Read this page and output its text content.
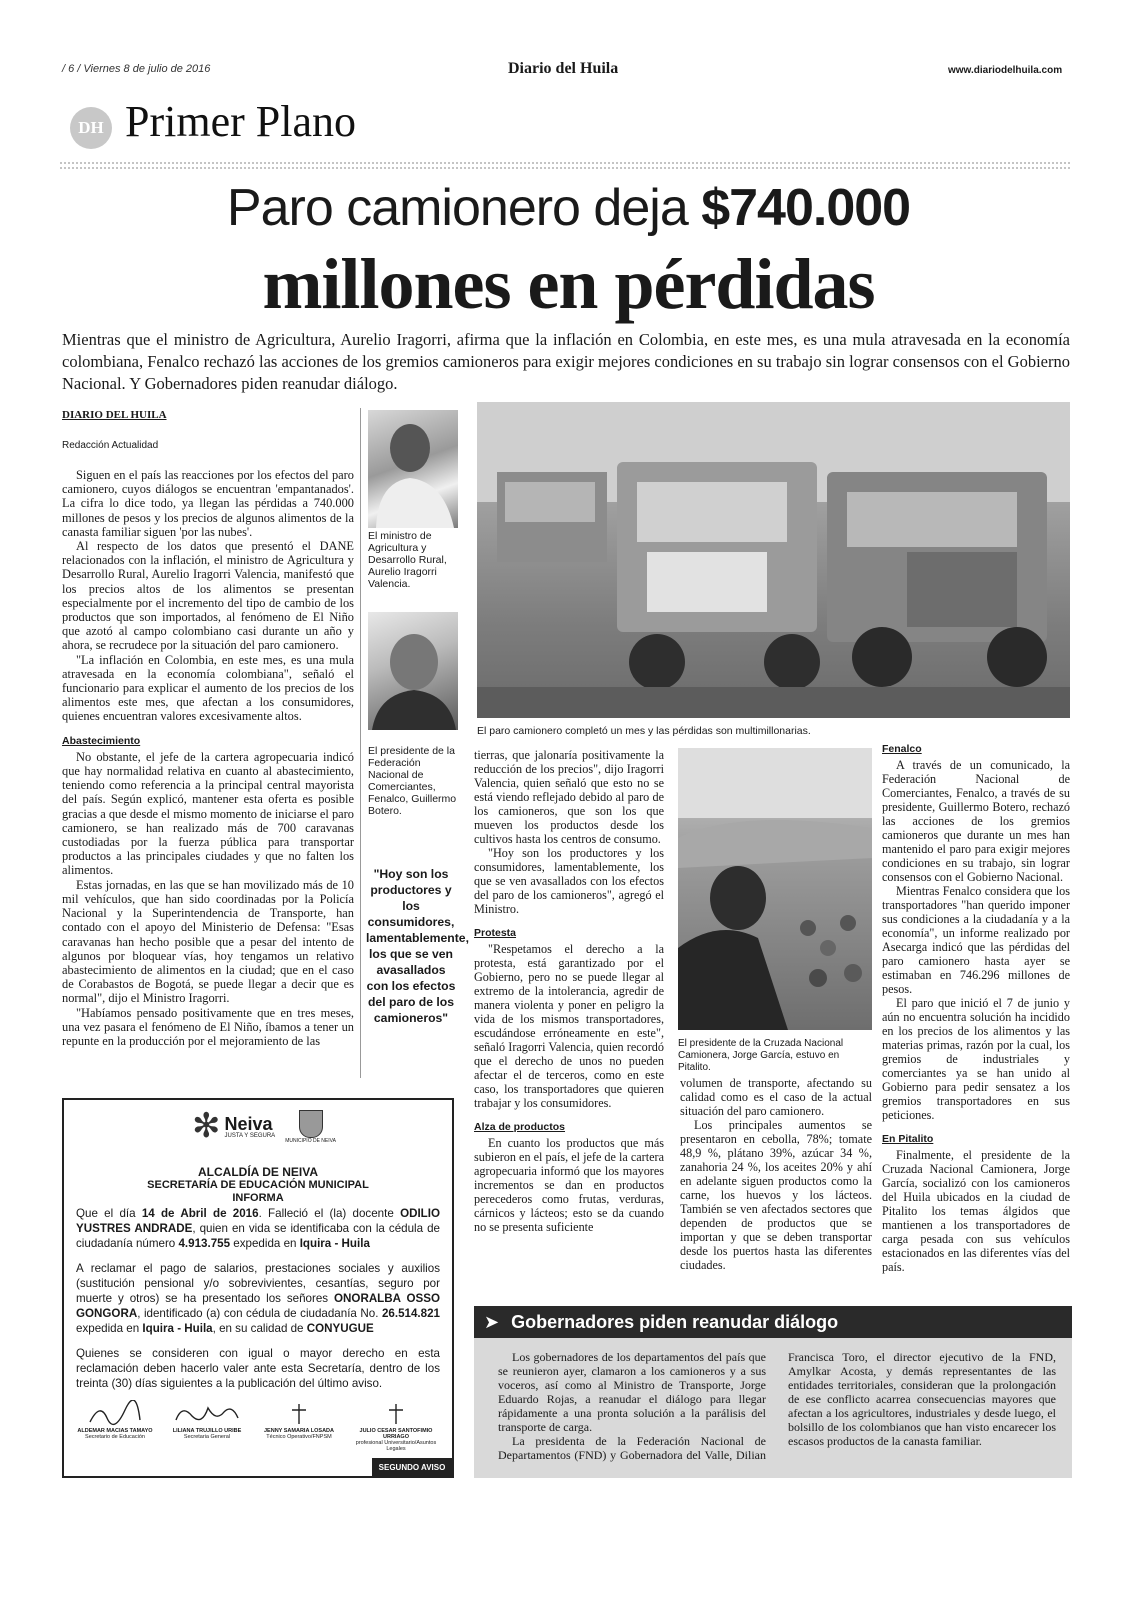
/ 6 / Viernes 8 de julio de 2016	Diario del Huila	www.diariodelhuila.com
DH Primer Plano
Paro camionero deja $740.000
millones en pérdidas
Mientras que el ministro de Agricultura, Aurelio Iragorri, afirma que la inflación en Colombia, en este mes, es una mula atravesada en la economía colombiana, Fenalco rechazó las acciones de los gremios camioneros para exigir mejores condiciones en su trabajo sin lograr consensos con el Gobierno Nacional. Y Gobernadores piden reanudar diálogo.
DIARIO DEL HUILA
Redacción Actualidad

Siguen en el país las reacciones por los efectos del paro camionero, cuyos diálogos se encuentran 'empantanados'. La cifra lo dice todo, ya llegan las pérdidas a 740.000 millones de pesos y los precios de algunos alimentos de la canasta familiar siguen 'por las nubes'.

Al respecto de los datos que presentó el DANE relacionados con la inflación, el ministro de Agricultura y Desarrollo Rural, Aurelio Iragorri Valencia, manifestó que los precios altos de los alimentos se presentan especialmente por el incremento del tipo de cambio de los productos que son importados, al fenómeno de El Niño que azotó al campo colombiano casi durante un año y ahora, se recrudece por la situación del paro camionero.

"La inflación en Colombia, en este mes, es una mula atravesada en la economía colombiana", señaló el funcionario para explicar el aumento de los precios de los alimentos este mes, que afectan a los consumidores, quienes encuentran valores excesivamente altos.

Abastecimiento

No obstante, el jefe de la cartera agropecuaria indicó que hay normalidad relativa en cuanto al abastecimiento, teniendo como referencia a la principal central mayorista del país. Según explicó, mantener esta oferta es posible gracias a que desde el mismo momento de iniciarse el paro camionero, se han realizado más de 700 caravanas custodiadas por la fuerza pública para transportar productos a las principales ciudades y que no falten los alimentos.

Estas jornadas, en las que se han movilizado más de 10 mil vehículos, que han sido coordinadas por la Policía Nacional y la Superintendencia de Transporte, han contado con el apoyo del Ministerio de Defensa: "Esas caravanas han hecho posible que a pesar del intento de algunos por bloquear vías, hoy tengamos un relativo abastecimiento de alimentos en la ciudad; que en el caso de Corabastos de Bogotá, se puede llegar a decir que es normal", dijo el Ministro Iragorri.

"Habíamos pensado positivamente que en tres meses, una vez pasara el fenómeno de El Niño, íbamos a tener un repunte en la producción por el mejoramiento de las

El ministro de Agricultura y Desarrollo Rural, Aurelio Iragorri Valencia.
El presidente de la Federación Nacional de Comerciantes, Fenalco, Guillermo Botero.
"Hoy son los productores y los consumidores, lamentablemente, los que se ven avasallados con los efectos del paro de los camioneros"
El paro camionero completó un mes y las pérdidas son multimillonarias.

tierras, que jalonaría positivamente la reducción de los precios", dijo Iragorri Valencia, quien señaló que esto no se está viendo reflejado debido al paro de los camioneros, que son los que mueven los productos desde los cultivos hasta los centros de consumo.

"Hoy son los productores y los consumidores, lamentablemente, los que se ven avasallados con los efectos del paro de los camioneros", agregó el Ministro.

Protesta

"Respetamos el derecho a la protesta, está garantizado por el Gobierno, pero no se puede llegar al extremo de la intolerancia, agredir de manera violenta y poner en peligro la vida de los mismos transportadores, escudándose erróneamente en este", señaló Iragorri Valencia, quien recordó que el derecho de unos no pueden afectar el de terceros, como en este caso, los transportadores que quieren trabajar y los consumidores.

Alza de productos

En cuanto los productos que más subieron en el país, el jefe de la cartera agropecuaria informó que los mayores incrementos se dan en productos perecederos como frutas, verduras, cárnicos y lácteos; esto se da cuando no se presenta suficiente

El presidente de la Cruzada Nacional Camionera, Jorge García, estuvo en Pitalito.

volumen de transporte, afectando su calidad como es el caso de la actual situación del paro camionero.

Los principales aumentos se presentaron en cebolla, 78%; tomate 48,9 %, plátano 39%, azúcar 34 %, zanahoria 24 %, los aceites 20% y ahí en adelante siguen productos como la carne, los huevos y los lácteos. También se ven afectados sectores que dependen de productos que se importan y que se deben transportar desde los puertos hasta las diferentes ciudades.

Fenalco

A través de un comunicado, la Federación Nacional de Comerciantes, Fenalco, a través de su presidente, Guillermo Botero, rechazó las acciones de los gremios camioneros que durante un mes han mantenido el paro para exigir mejores condiciones en su trabajo, sin lograr consensos con el Gobierno Nacional.

Mientras Fenalco considera que los transportadores "han querido imponer sus condiciones a la ciudadanía y a la economía", un informe realizado por Asecarga indicó que las pérdidas del paro camionero hasta ayer se estimaban en 746.296 millones de pesos.

El paro que inició el 7 de junio y aún no encuentra solución ha incidido en los precios de los alimentos y las materias primas, razón por la cual, los gremios de industriales y comerciantes ya se han unido al Gobierno para pedir sensatez a los gremios transportadores en sus peticiones.

En Pitalito

Finalmente, el presidente de la Cruzada Nacional Camionera, Jorge García, socializó con los camioneros del Huila ubicados en la ciudad de Pitalito los temas álgidos que mantienen a los transportadores de carga pesada con sus vehículos estacionados en las diferentes vías del país.

➤ Gobernadores piden reanudar diálogo

Los gobernadores de los departamentos del país que se reunieron ayer, clamaron a los camioneros y a sus voceros, así como al Ministro de Transporte, Jorge Eduardo Rojas, a reanudar el diálogo para llegar rápidamente a una pronta solución a la parálisis del transporte de carga.

La presidenta de la Federación Nacional de Departamentos (FND) y Gobernadora del Valle, Dilian Francisca Toro, el director ejecutivo de la FND, Amylkar Acosta, y demás representantes de las entidades territoriales, consideran que la prolongación de ese conflicto acarrea consecuencias mayores que afectan a los agricultores, industriales y desde luego, el bolsillo de los colombianos que han visto encarecer los escasos productos de la canasta familiar.

✻ Neiva
JUSTA Y SEGURA
MUNICIPIO DE NEIVA
ALCALDÍA DE NEIVA
SECRETARÍA DE EDUCACIÓN MUNICIPAL
INFORMA

Que el día 14 de Abril de 2016. Falleció el (la) docente ODILIO YUSTRES ANDRADE, quien en vida se identificaba con la cédula de ciudadanía número 4.913.755 expedida en Iquira - Huila

A reclamar el pago de salarios, prestaciones sociales y auxilios (sustitución pensional y/o sobrevivientes, cesantías, seguro por muerte y otros) se ha presentado los señores ONORALBA OSSO GONGORA, identificado (a) con cédula de ciudadanía No. 26.514.821 expedida en Iquira - Huila, en su calidad de CONYUGUE

Quienes se consideren con igual o mayor derecho en esta reclamación deben hacerlo valer ante esta Secretaría, dentro de los treinta (30) días siguientes a la publicación del último aviso.

ALDEMAR MACIAS TAMAYO
Secretario de Educación
LILIANA TRUJILLO URIBE
Secretaria General
JENNY SAMARIA LOSADA
Técnico Operativo/FNPSM
JULIO CESAR SANTOFIMIO URRIAGO
profesional Universitario/Asuntos Legales
SEGUNDO AVISO
